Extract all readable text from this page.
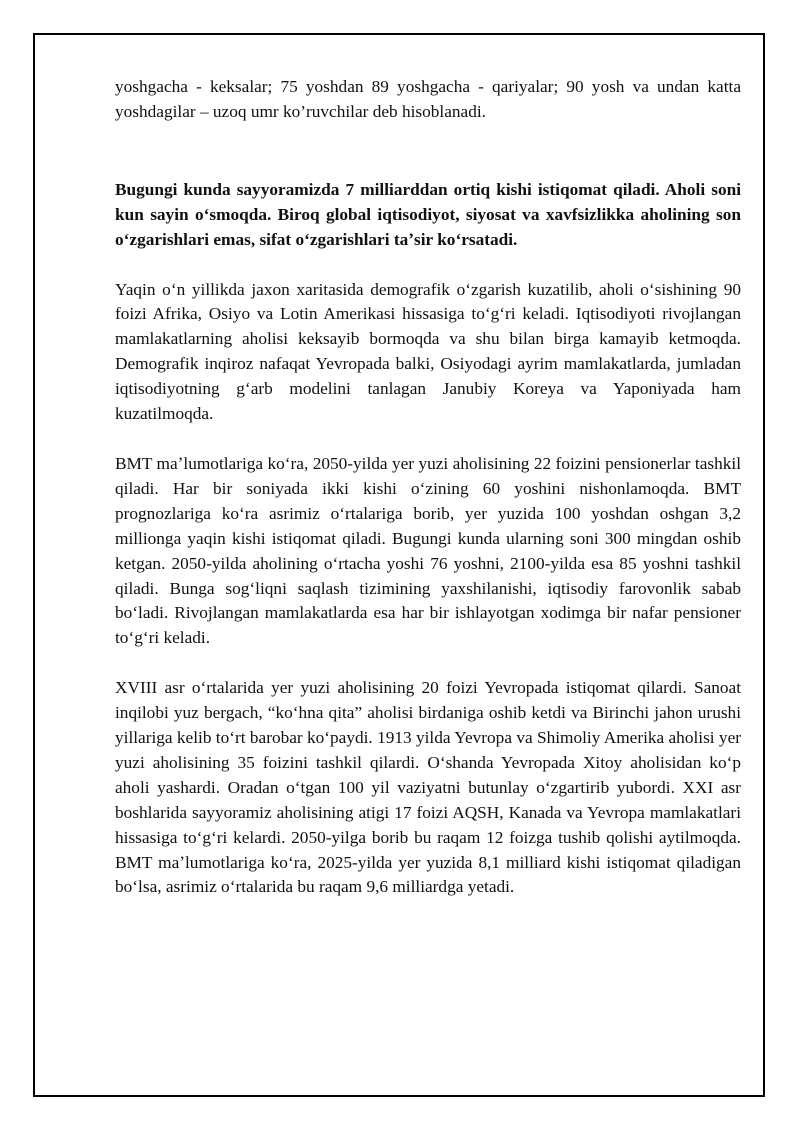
yoshgacha - keksalar; 75 yoshdan 89 yoshgacha - qariyalar; 90 yosh va undan katta yoshdagilar – uzoq umr ko’ruvchilar deb hisoblanadi.

Bugungi kunda sayyoramizda 7 milliarddan ortiq kishi istiqomat qiladi. Aholi soni kun sayin oʻsmoqda. Biroq global iqtisodiyot, siyosat va xavfsizlikka aholining son oʻzgarishlari emas, sifat oʻzgarishlari taʼsir koʻrsatadi.

Yaqin oʻn yillikda jaxon xaritasida demografik oʻzgarish kuzatilib, aholi oʻsishining 90 foizi Afrika, Osiyo va Lotin Amerikasi hissasiga toʻgʻri keladi. Iqtisodiyoti rivojlangan mamlakatlarning aholisi keksayib bormoqda va shu bilan birga kamayib ketmoqda. Demografik inqiroz nafaqat Yevropada balki, Osiyodagi ayrim mamlakatlarda, jumladan iqtisodiyotning gʻarb modelini tanlagan Janubiy Koreya va Yaponiyada ham kuzatilmoqda.

BMT maʼlumotlariga koʻra, 2050-yilda yer yuzi aholisining 22 foizini pensionerlar tashkil qiladi. Har bir soniyada ikki kishi oʻzining 60 yoshini nishonlamoqda. BMT prognozlariga koʻra asrimiz oʻrtalariga borib, yer yuzida 100 yoshdan oshgan 3,2 millionga yaqin kishi istiqomat qiladi. Bugungi kunda ularning soni 300 mingdan oshib ketgan. 2050-yilda aholining oʻrtacha yoshi 76 yoshni, 2100-yilda esa 85 yoshni tashkil qiladi. Bunga sogʻliqni saqlash tizimining yaxshilanishi, iqtisodiy farovonlik sabab boʻladi. Rivojlangan mamlakatlarda esa har bir ishlayotgan xodimga bir nafar pensioner toʻgʻri keladi.

XVIII asr oʻrtalarida yer yuzi aholisining 20 foizi Yevropada istiqomat qilardi. Sanoat inqilobi yuz bergach, “koʻhna qita” aholisi birdaniga oshib ketdi va Birinchi jahon urushi yillariga kelib toʻrt barobar koʻpaydi. 1913 yilda Yevropa va Shimoliy Amerika aholisi yer yuzi aholisining 35 foizini tashkil qilardi. Oʻshanda Yevropada Xitoy aholisidan koʻp aholi yashardi. Oradan oʻtgan 100 yil vaziyatni butunlay oʻzgartirib yubordi. XXI asr boshlarida sayyoramiz aholisining atigi 17 foizi AQSH, Kanada va Yevropa mamlakatlari hissasiga toʻgʻri kelardi. 2050-yilga borib bu raqam 12 foizga tushib qolishi aytilmoqda. BMT maʼlumotlariga koʻra, 2025-yilda yer yuzida 8,1 milliard kishi istiqomat qiladigan boʻlsa, asrimiz oʻrtalarida bu raqam 9,6 milliardga yetadi.
